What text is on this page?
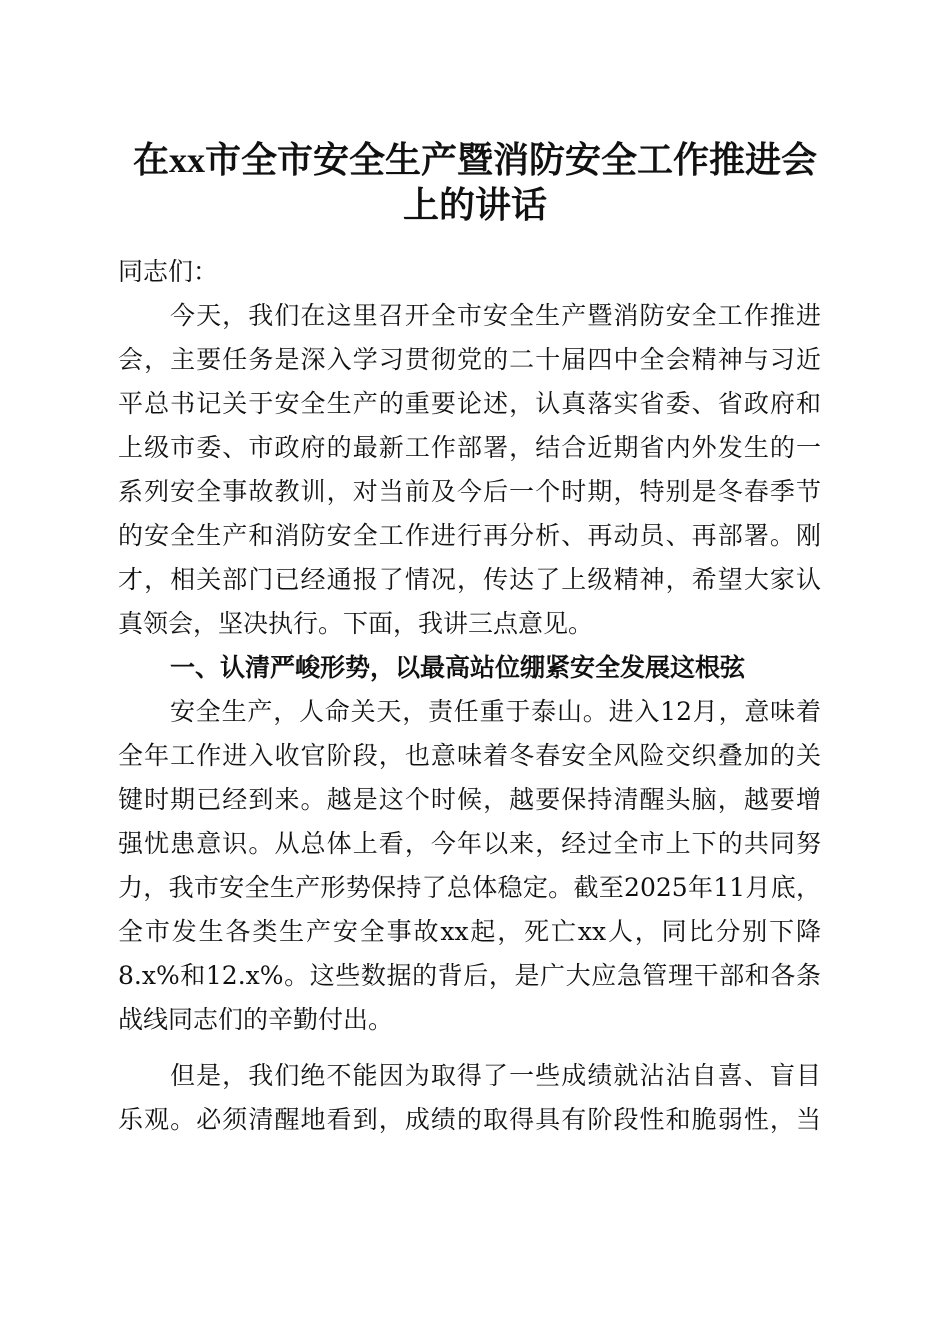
在xx市全市安全生产暨消防安全工作推进会
上的讲话
同志们：
今天，我们在这里召开全市安全生产暨消防安全工作推进
会，主要任务是深入学习贯彻党的二十届四中全会精神与习近
平总书记关于安全生产的重要论述，认真落实省委、省政府和
上级市委、市政府的最新工作部署，结合近期省内外发生的一
系列安全事故教训，对当前及今后一个时期，特别是冬春季节
的安全生产和消防安全工作进行再分析、再动员、再部署。刚
才，相关部门已经通报了情况，传达了上级精神，希望大家认
真领会，坚决执行。下面，我讲三点意见。
一、认清严峻形势，以最高站位绷紧安全发展这根弦
安全生产，人命关天，责任重于泰山。进入12月，意味着
全年工作进入收官阶段，也意味着冬春安全风险交织叠加的关
键时期已经到来。越是这个时候，越要保持清醒头脑，越要增
强忧患意识。从总体上看，今年以来，经过全市上下的共同努
力，我市安全生产形势保持了总体稳定。截至2025年11月底，
全市发生各类生产安全事故xx起，死亡xx人，同比分别下降
8.x%和12.x%。这些数据的背后，是广大应急管理干部和各条
战线同志们的辛勤付出。
但是，我们绝不能因为取得了一些成绩就沾沾自喜、盲目
乐观。必须清醒地看到，成绩的取得具有阶段性和脆弱性，当
